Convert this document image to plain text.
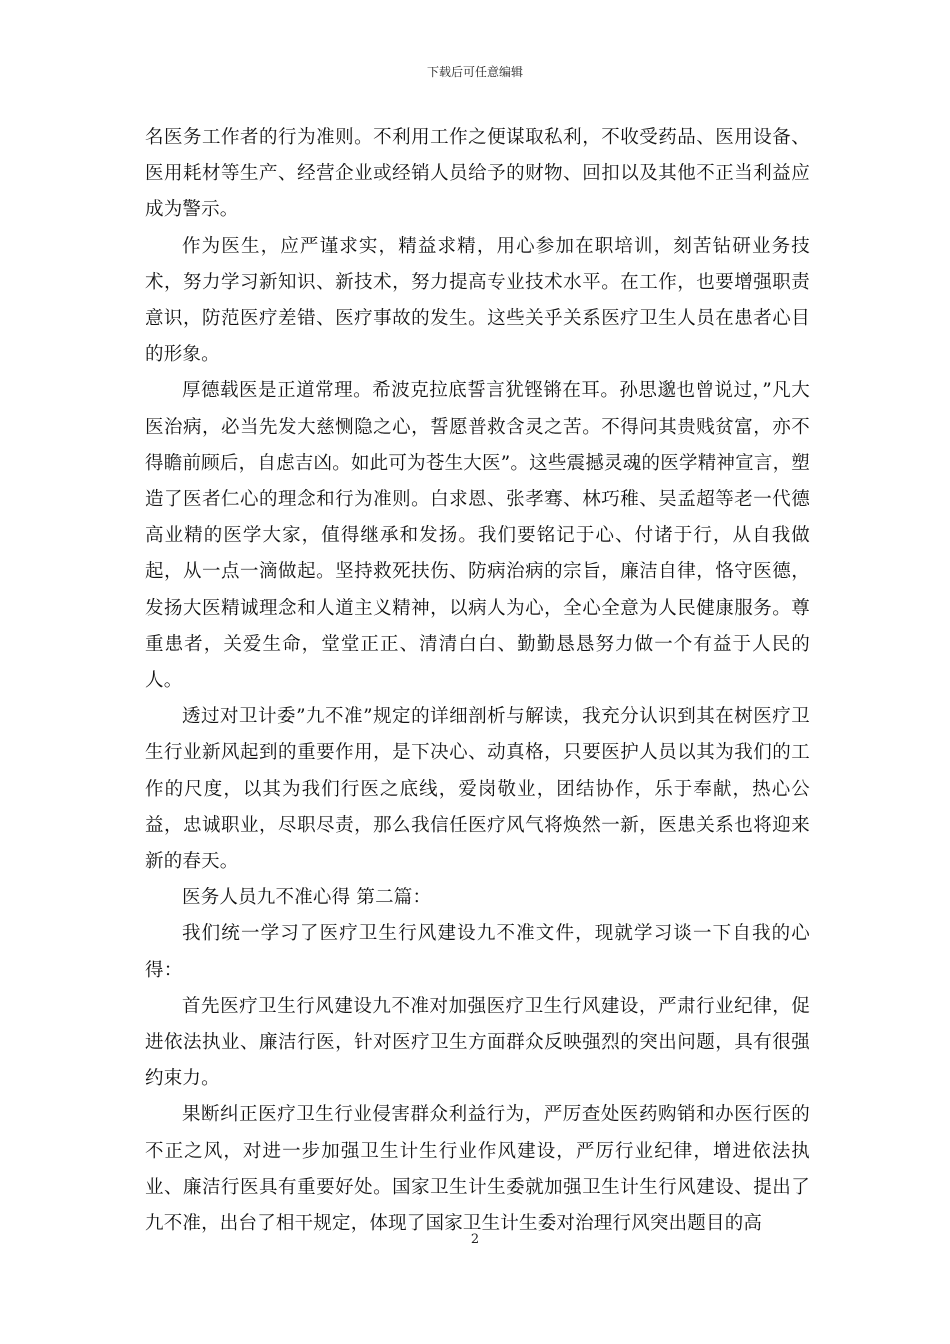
下载后可任意编辑

名医务工作者的行为准则。不利用工作之便谋取私利，不收受药品、医用设备、医用耗材等生产、经营企业或经销人员给予的财物、回扣以及其他不正当利益应成为警示。

作为医生，应严谨求实，精益求精，用心参加在职培训，刻苦钻研业务技术，努力学习新知识、新技术，努力提高专业技术水平。在工作，也要增强职责意识，防范医疗差错、医疗事故的发生。这些关乎关系医疗卫生人员在患者心目的形象。

厚德载医是正道常理。希波克拉底誓言犹铿锵在耳。孙思邈也曾说过，”凡大医治病，必当先发大慈恻隐之心，誓愿普救含灵之苦。不得问其贵贱贫富，亦不得瞻前顾后，自虑吉凶。如此可为苍生大医”。这些震撼灵魂的医学精神宣言，塑造了医者仁心的理念和行为准则。白求恩、张孝骞、林巧稚、吴孟超等老一代德高业精的医学大家，值得继承和发扬。我们要铭记于心、付诸于行，从自我做起，从一点一滴做起。坚持救死扶伤、防病治病的宗旨，廉洁自律，恪守医德，发扬大医精诚理念和人道主义精神，以病人为心，全心全意为人民健康服务。尊重患者，关爱生命，堂堂正正、清清白白、勤勤恳恳努力做一个有益于人民的人。

透过对卫计委”九不准”规定的详细剖析与解读，我充分认识到其在树医疗卫生行业新风起到的重要作用，是下决心、动真格，只要医护人员以其为我们的工作的尺度，以其为我们行医之底线，爱岗敬业，团结协作，乐于奉献，热心公益，忠诚职业，尽职尽责，那么我信任医疗风气将焕然一新，医患关系也将迎来新的春天。

医务人员九不准心得 第二篇：

我们统一学习了医疗卫生行风建设九不准文件，现就学习谈一下自我的心得：

首先医疗卫生行风建设九不准对加强医疗卫生行风建设，严肃行业纪律，促进依法执业、廉洁行医，针对医疗卫生方面群众反映强烈的突出问题，具有很强约束力。

果断纠正医疗卫生行业侵害群众利益行为，严厉查处医药购销和办医行医的不正之风，对进一步加强卫生计生行业作风建设，严厉行业纪律，增进依法执业、廉洁行医具有重要好处。国家卫生计生委就加强卫生计生行风建设、提出了九不准，出台了相干规定，体现了国家卫生计生委对治理行风突出题目的高

2
